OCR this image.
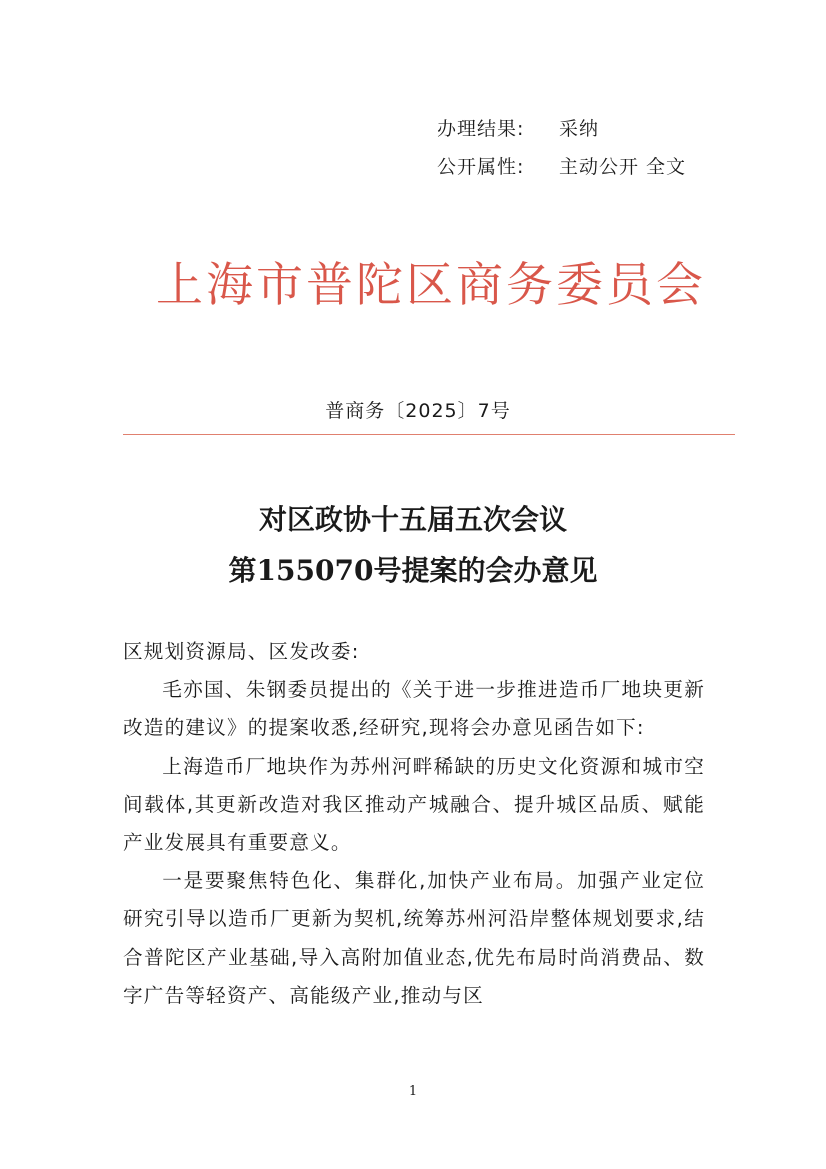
办理结果: 采纳
公开属性: 主动公开 全文
上海市普陀区商务委员会
普商务〔2025〕7号
对区政协十五届五次会议
第155070号提案的会办意见

区规划资源局、区发改委:

毛亦国、朱钢委员提出的《关于进一步推进造币厂地块更新改造的建议》的提案收悉,经研究,现将会办意见函告如下:

上海造币厂地块作为苏州河畔稀缺的历史文化资源和城市空间载体,其更新改造对我区推动产城融合、提升城区品质、赋能产业发展具有重要意义。

一是要聚焦特色化、集群化,加快产业布局。加强产业定位研究引导以造币厂更新为契机,统筹苏州河沿岸整体规划要求,结合普陀区产业基础,导入高附加值业态,优先布局时尚消费品、数字广告等轻资产、高能级产业,推动与区

1
